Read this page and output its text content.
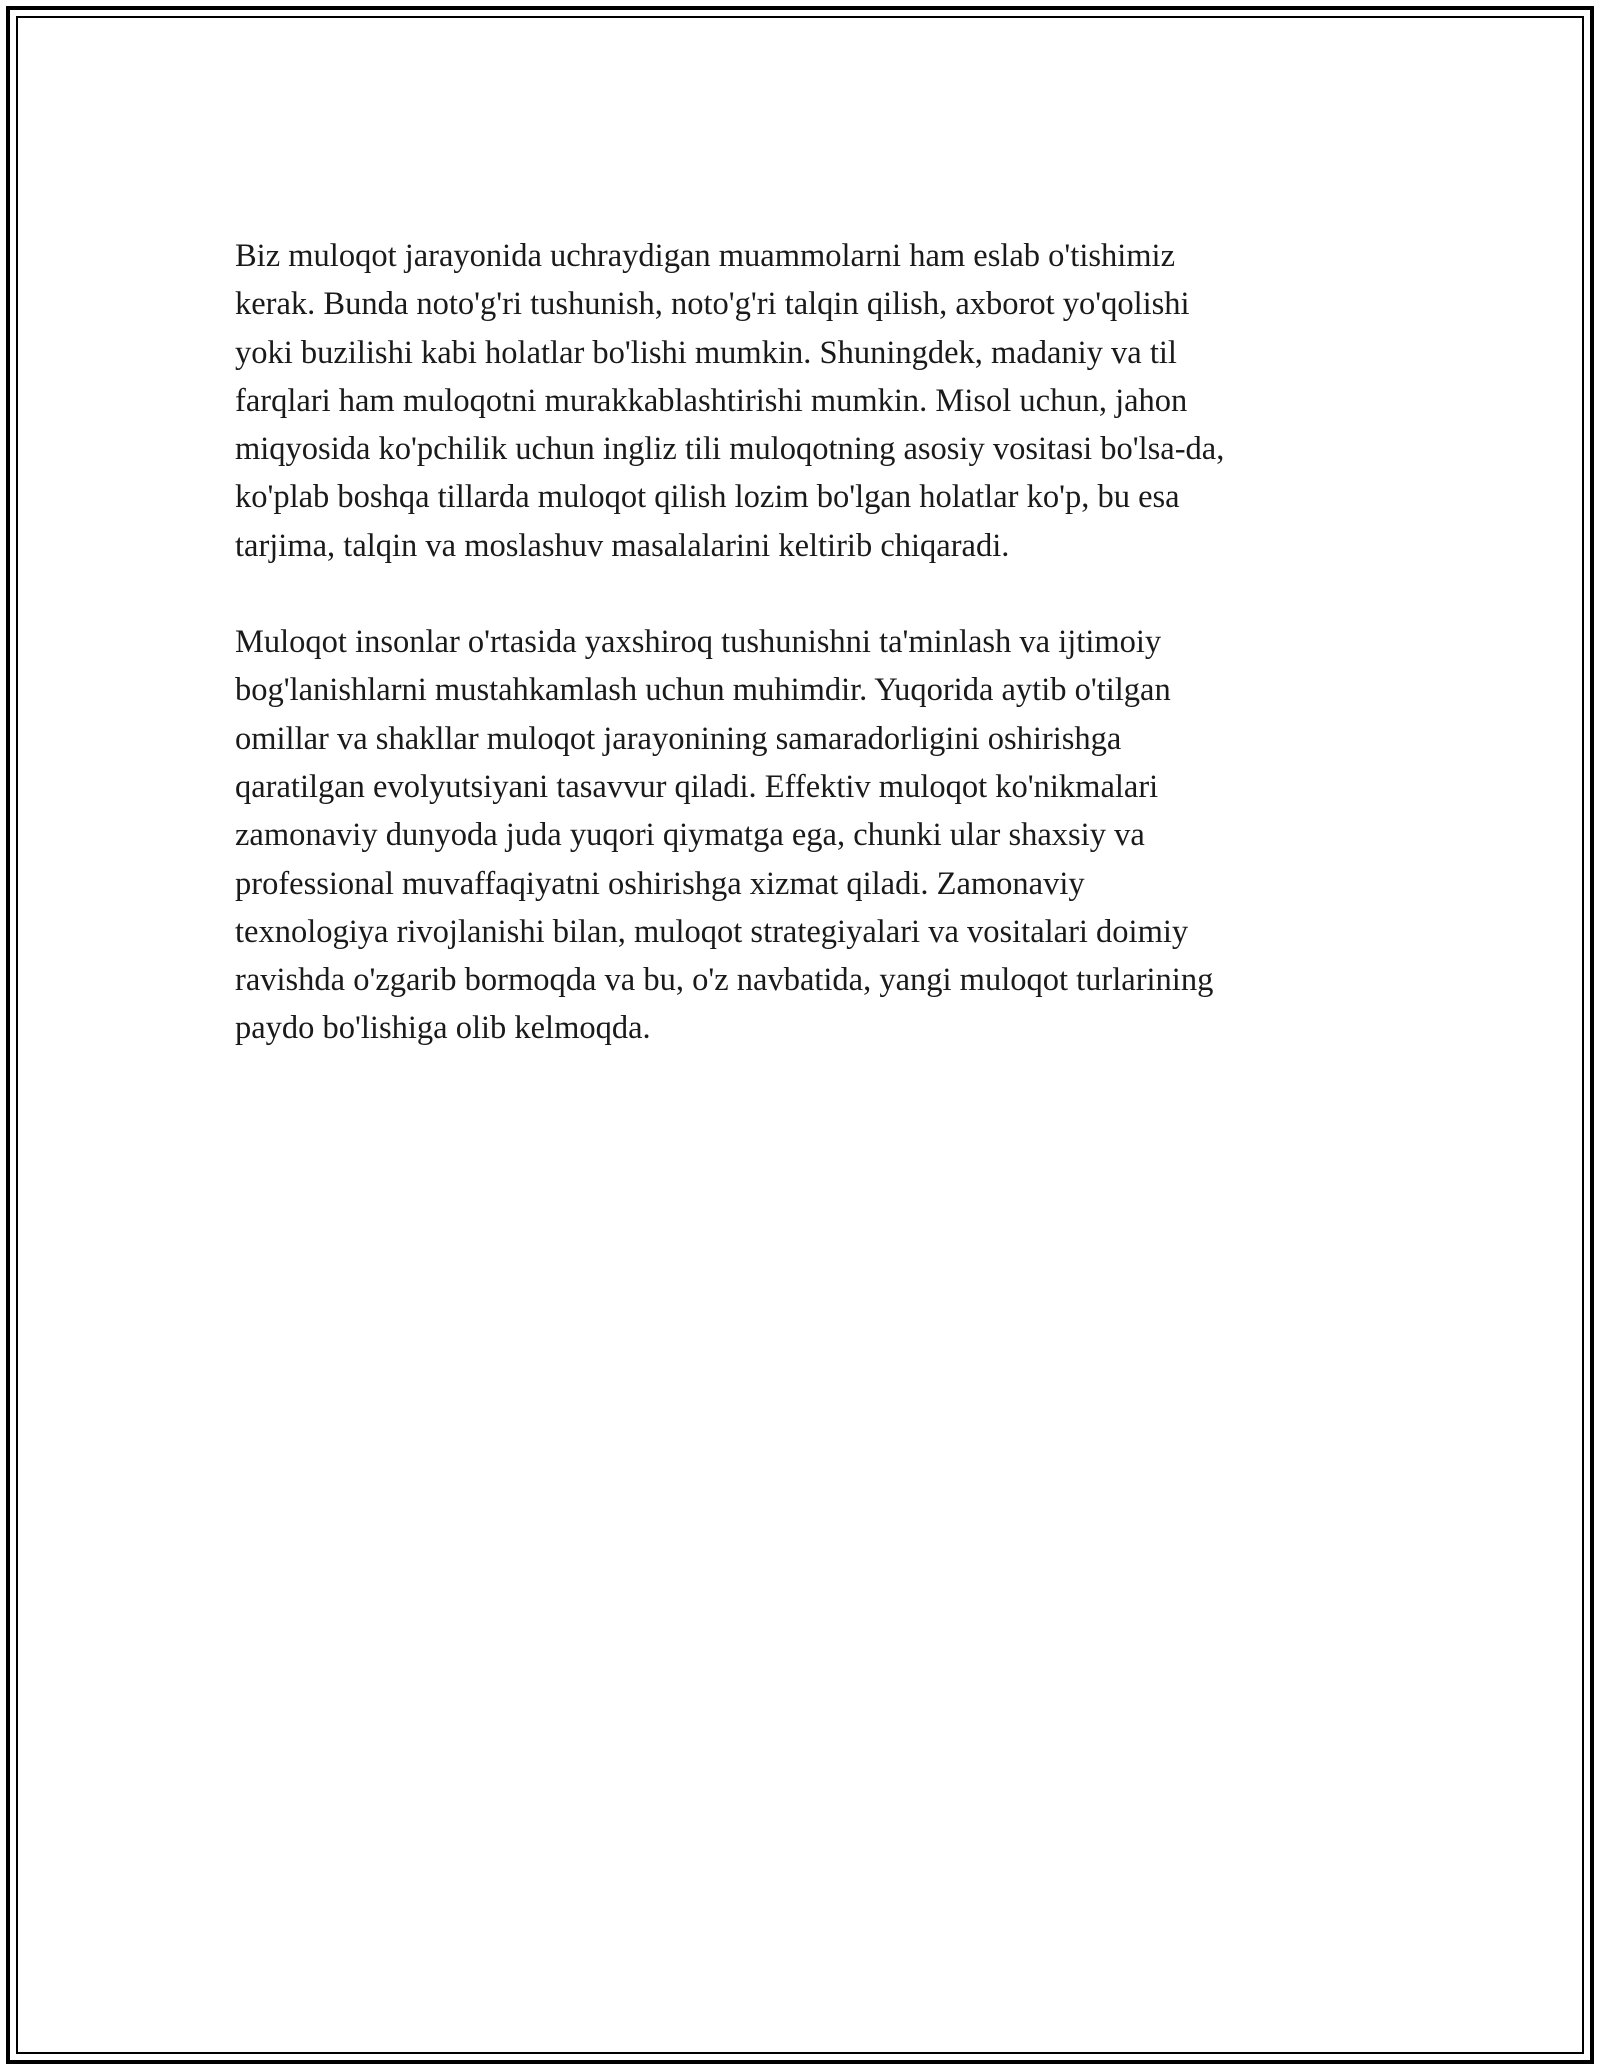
Biz muloqot jarayonida uchraydigan muammolarni ham eslab o'tishimiz
kerak. Bunda noto'g'ri tushunish, noto'g'ri talqin qilish, axborot yo'qolishi
yoki buzilishi kabi holatlar bo'lishi mumkin. Shuningdek, madaniy va til
farqlari ham muloqotni murakkablashtirishi mumkin. Misol uchun, jahon
miqyosida ko'pchilik uchun ingliz tili muloqotning asosiy vositasi bo'lsa-da,
ko'plab boshqa tillarda muloqot qilish lozim bo'lgan holatlar ko'p, bu esa
tarjima, talqin va moslashuv masalalarini keltirib chiqaradi.

Muloqot insonlar o'rtasida yaxshiroq tushunishni ta'minlash va ijtimoiy
bog'lanishlarni mustahkamlash uchun muhimdir. Yuqorida aytib o'tilgan
omillar va shakllar muloqot jarayonining samaradorligini oshirishga
qaratilgan evolyutsiyani tasavvur qiladi. Effektiv muloqot ko'nikmalari
zamonaviy dunyoda juda yuqori qiymatga ega, chunki ular shaxsiy va
professional muvaffaqiyatni oshirishga xizmat qiladi. Zamonaviy
texnologiya rivojlanishi bilan, muloqot strategiyalari va vositalari doimiy
ravishda o'zgarib bormoqda va bu, o'z navbatida, yangi muloqot turlarining
paydo bo'lishiga olib kelmoqda.
